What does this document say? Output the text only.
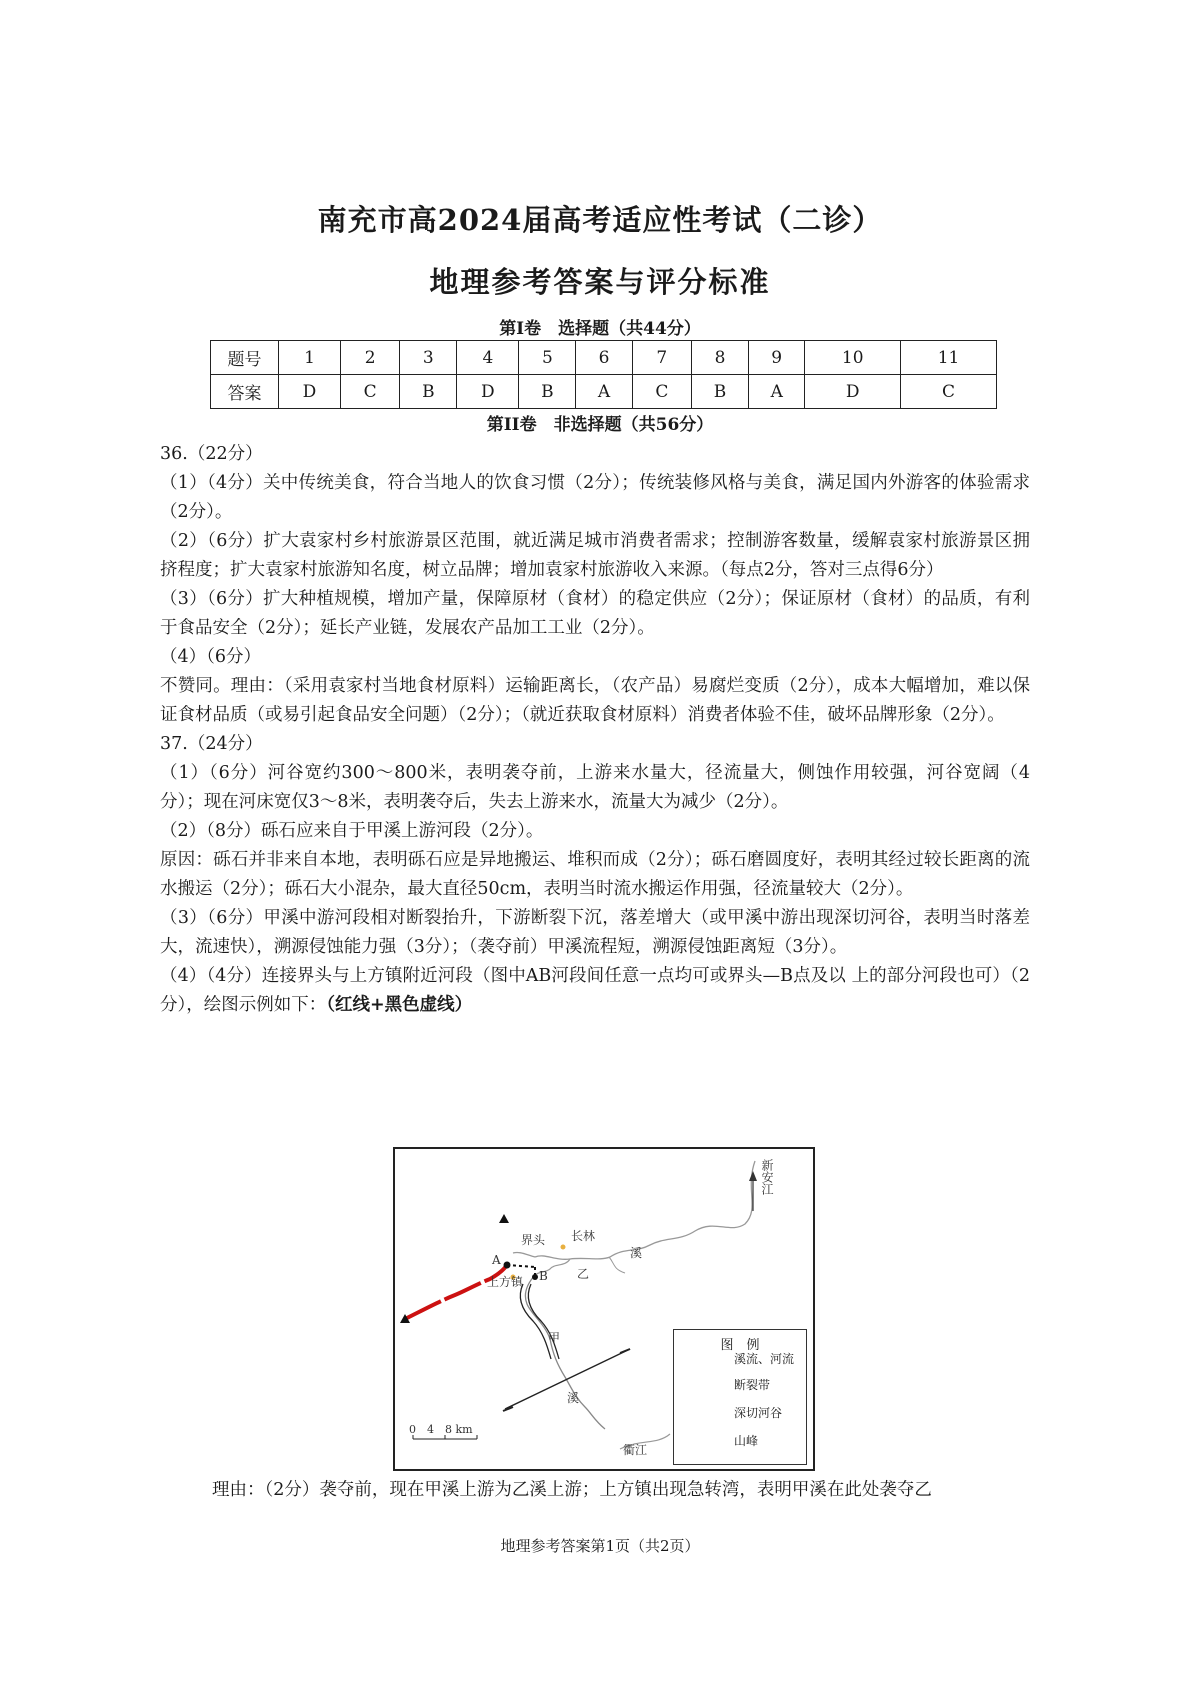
南充市高2024届高考适应性考试（二诊）
地理参考答案与评分标准
第I卷　选择题（共44分）
题号	1	2	3	4	5	6	7	8	9	10	11
答案	D	C	B	D	B	A	C	B	A	D	C
第II卷　非选择题（共56分）

36.（22分）

（1）（4分）关中传统美食，符合当地人的饮食习惯（2分）；传统装修风格与美食，满足国内外游客的体验需求（2分）。

（2）（6分）扩大袁家村乡村旅游景区范围，就近满足城市消费者需求；控制游客数量，缓解袁家村旅游景区拥挤程度；扩大袁家村旅游知名度，树立品牌；增加袁家村旅游收入来源。（每点2分，答对三点得6分）

（3）（6分）扩大种植规模，增加产量，保障原材（食材）的稳定供应（2分）；保证原材（食材）的品质，有利于食品安全（2分）；延长产业链，发展农产品加工工业（2分）。

（4）（6分）

不赞同。理由：（采用袁家村当地食材原料）运输距离长，（农产品）易腐烂变质（2分），成本大幅增加，难以保证食材品质（或易引起食品安全问题）（2分）；（就近获取食材原料）消费者体验不佳，破坏品牌形象（2分）。

37.（24分）

（1）（6分）河谷宽约300～800米，表明袭夺前，上游来水量大，径流量大，侧蚀作用较强，河谷宽阔（4分）；现在河床宽仅3～8米，表明袭夺后，失去上游来水，流量大为减少（2分）。

（2）（8分）砾石应来自于甲溪上游河段（2分）。

原因：砾石并非来自本地，表明砾石应是异地搬运、堆积而成（2分）；砾石磨圆度好，表明其经过较长距离的流水搬运（2分）；砾石大小混杂，最大直径50cm，表明当时流水搬运作用强，径流量较大（2分）。

（3）（6分）甲溪中游河段相对断裂抬升，下游断裂下沉，落差增大（或甲溪中游出现深切河谷，表明当时落差大，流速快），溯源侵蚀能力强（3分）；（袭夺前）甲溪流程短，溯源侵蚀距离短（3分）。

（4）（4分）连接界头与上方镇附近河段（图中AB河段间任意一点均可或界头—B点及以 上的部分河段也可）（2分），绘图示例如下：（红线+黑色虚线）

新安江
界头 长林
乙
溪
A
B
上方镇
甲
溪
衢江
0　4　8 km
图　例
溪流、河流
断裂带
深切河谷
山峰
理由：（2分）袭夺前，现在甲溪上游为乙溪上游；上方镇出现急转湾，表明甲溪在此处袭夺乙
地理参考答案第1页（共2页）
